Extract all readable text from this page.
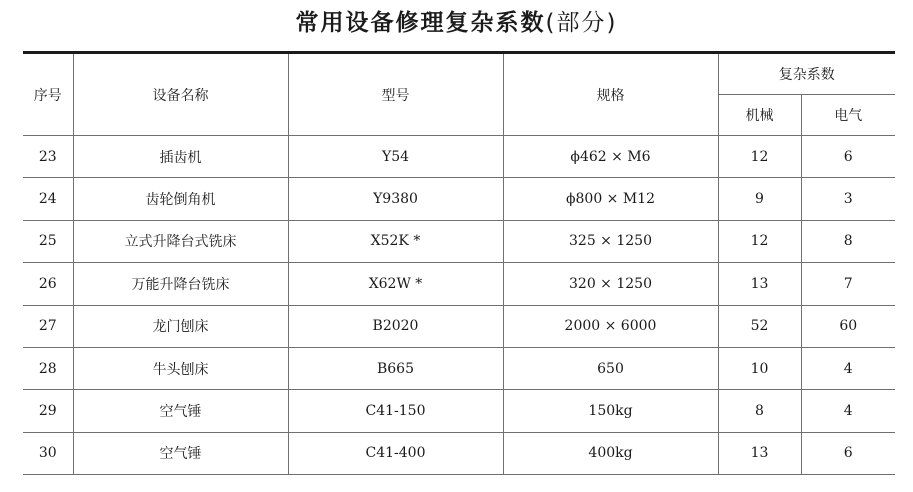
常用设备修理复杂系数(部分)
序号	设备名称	型号	规格	复杂系数	
				机械	电气
23	插齿机	Y54	ϕ462 × M6	12	6
24	齿轮倒角机	Y9380	ϕ800 × M12	9	3
25	立式升降台式铣床	X52K *	325 × 1250	12	8
26	万能升降台铣床	X62W *	320 × 1250	13	7
27	龙门刨床	B2020	2000 × 6000	52	60
28	牛头刨床	B665	650	10	4
29	空气锤	C41-150	150kg	8	4
30	空气锤	C41-400	400kg	13	6
